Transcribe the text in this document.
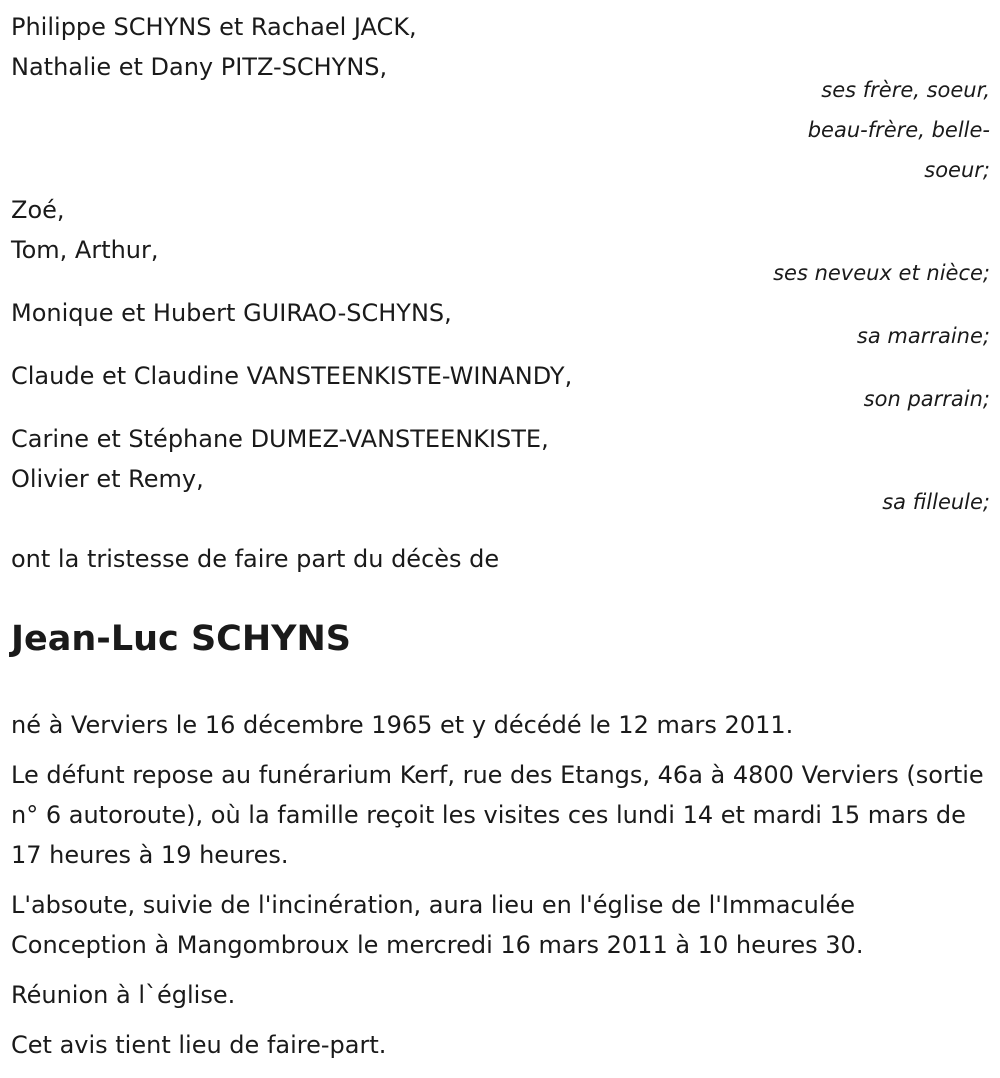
Philippe SCHYNS et Rachael JACK,
Nathalie et Dany PITZ-SCHYNS,
ses frère, soeur,
beau-frère, belle-
soeur;
Zoé,
Tom, Arthur,
ses neveux et nièce;
Monique et Hubert GUIRAO-SCHYNS,
sa marraine;
Claude et Claudine VANSTEENKISTE-WINANDY,
son parrain;
Carine et Stéphane DUMEZ-VANSTEENKISTE,
Olivier et Remy,
sa filleule;
ont la tristesse de faire part du décès de
Jean-Luc SCHYNS
né à Verviers le 16 décembre 1965 et y décédé le 12 mars 2011.
Le défunt repose au funérarium Kerf, rue des Etangs, 46a à 4800 Verviers (sortie n° 6 autoroute), où la famille reçoit les visites ces lundi 14 et mardi 15 mars de 17 heures à 19 heures.
L'absoute, suivie de l'incinération, aura lieu en l'église de l'Immaculée Conception à Mangombroux le mercredi 16 mars 2011 à 10 heures 30.
Réunion à l`église.
Cet avis tient lieu de faire-part.
